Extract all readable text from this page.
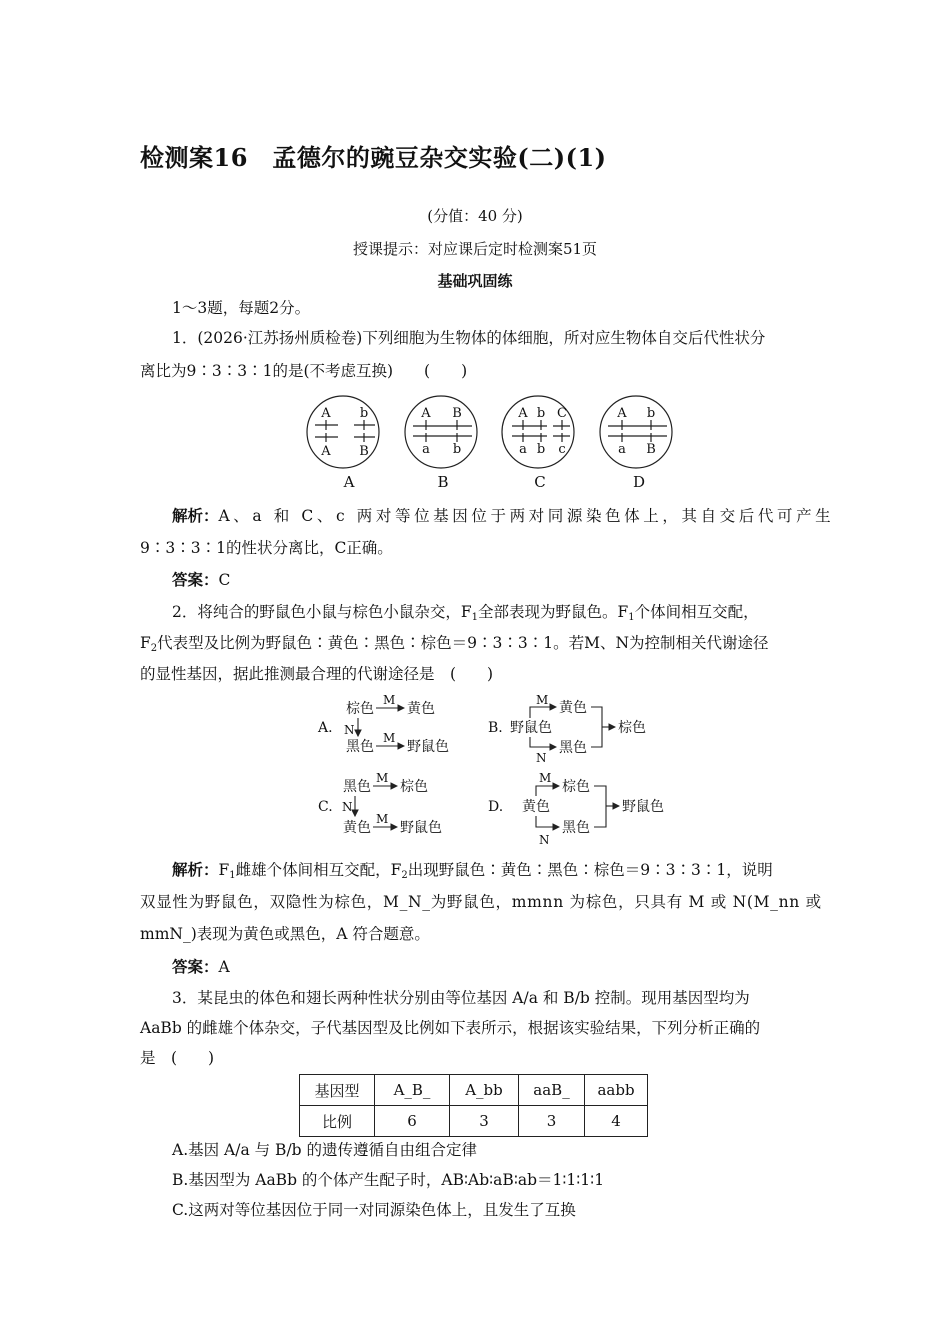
检测案16　孟德尔的豌豆杂交实验(二)(1)
(分值：40 分)
授课提示：对应课后定时检测案51页
基础巩固练
1～3题，每题2分。
1．(2026·江苏扬州质检卷)下列细胞为生物体的体细胞，所对应生物体自交后代性状分
离比为9∶3∶3∶1的是(不考虑互换)　　(　　)
A b
A B
A B
a b
A b C
a b c
A b
a B
A	B	C	D
解析：A、a 和 C、c 两对等位基因位于两对同源染色体上，其自交后代可产生
9∶3∶3∶1的性状分离比，C正确。
答案：C
2．将纯合的野鼠色小鼠与棕色小鼠杂交，$F_1$全部表现为野鼠色。$F_1$个体间相互交配，
$F_2$代表型及比例为野鼠色∶黄色∶黑色∶棕色＝9∶3∶3∶1。若M、N为控制相关代谢途径
的显性基因，据此推测最合理的代谢途径是　(　　)
A.
棕色
M
黄色
N
黑色
M
野鼠色
B. 野鼠色
M 黄色
N
黑色
棕色
C.
黑色
M
棕色
N
黄色
M
野鼠色
D. 黄色
M
棕色
N
黑色
野鼠色
解析：$F_1$雌雄个体间相互交配，$F_2$出现野鼠色∶黄色∶黑色∶棕色＝9∶3∶3∶1，说明
双显性为野鼠色，双隐性为棕色，M_N_为野鼠色，mmnn 为棕色，只具有 M 或 N(M_nn 或
mmN_)表现为黄色或黑色，A 符合题意。
答案：A
3．某昆虫的体色和翅长两种性状分别由等位基因 A/a 和 B/b 控制。现用基因型均为
AaBb 的雌雄个体杂交，子代基因型及比例如下表所示，根据该实验结果，下列分析正确的
是　(　　)
基因型	A_B_	A_bb	aaB_	aabb
比例	6	3	3	4
A.基因 A/a 与 B/b 的遗传遵循自由组合定律
B.基因型为 AaBb 的个体产生配子时，AB∶Ab∶aB∶ab＝1∶1∶1∶1
C.这两对等位基因位于同一对同源染色体上，且发生了互换
